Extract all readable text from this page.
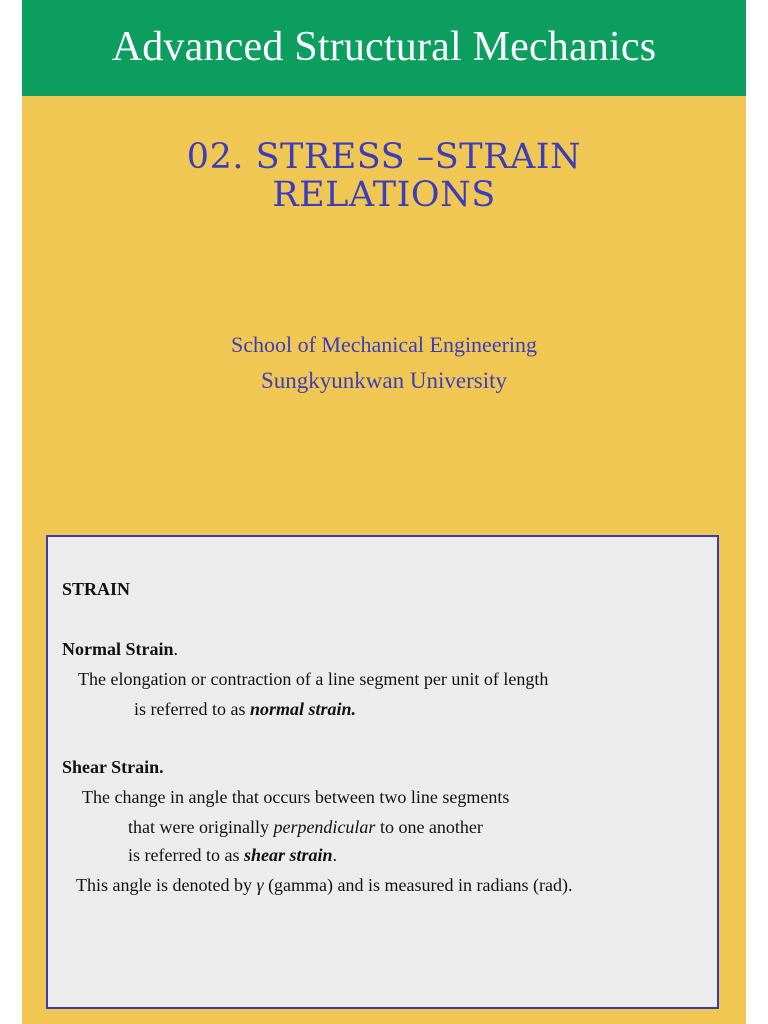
Advanced Structural Mechanics
02. STRESS –STRAIN
RELATIONS
School of Mechanical Engineering
Sungkyunkwan University
STRAIN
Normal Strain.
The elongation or contraction of a line segment per unit of length
is referred to as normal strain.
Shear Strain.
The change in angle that occurs between two line segments
that were originally perpendicular to one another
is referred to as shear strain.
This angle is denoted by γ (gamma) and is measured in radians (rad).
